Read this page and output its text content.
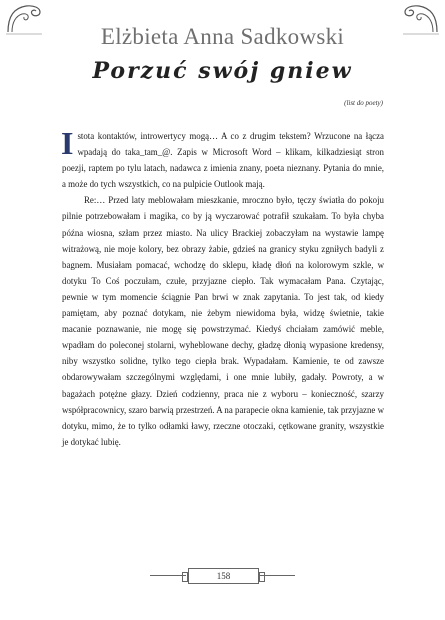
Elżbieta Anna Sadkowski
Porzuć swój gniew
(list do poety)

Istota kontaktów, introwertycy mogą… A co z drugim tekstem? Wrzucone na łącza wpadają do taka_tam_@. Zapis w Microsoft Word – klikam, kilkadziesiąt stron poezji, raptem po tylu latach, nadawca z imienia znany, poeta nieznany. Pytania do mnie, a może do tych wszystkich, co na pulpicie Outlook mają.

Re:… Przed laty meblowałam mieszkanie, mroczno było, tęczy światła do pokoju pilnie potrzebowałam i magika, co by ją wyczarować potrafił szukałam. To była chyba późna wiosna, szłam przez miasto. Na ulicy Brackiej zobaczyłam na wystawie lampę witrażową, nie moje kolory, bez obrazy żabie, gdzieś na granicy styku zgniłych badyli z bagnem. Musiałam pomacać, wchodzę do sklepu, kładę dłoń na kolorowym szkle, w dotyku To Coś poczułam, czułe, przyjazne ciepło. Tak wymacałam Pana. Czytając, pewnie w tym momencie ściągnie Pan brwi w znak zapytania. To jest tak, od kiedy pamiętam, aby poznać dotykam, nie żebym niewidoma była, widzę świetnie, takie macanie poznawanie, nie mogę się powstrzymać. Kiedyś chciałam zamówić meble, wpadłam do poleconej stolarni, wyheblowane dechy, gładzę dłonią wypasione kredensy, niby wszystko solidne, tylko tego ciepła brak. Wypadałam. Kamienie, te od zawsze obdarowywałam szczególnymi względami, i one mnie lubiły, gadały. Powroty, a w bagażach potężne głazy. Dzień codzienny, praca nie z wyboru – konieczność, szarzy współpracownicy, szaro barwią przestrzeń. A na parapecie okna kamienie, tak przyjazne w dotyku, mimo, że to tylko odłamki ławy, rzeczne otoczaki, cętkowane granity, wszystkie je dotykać lubię.

158
